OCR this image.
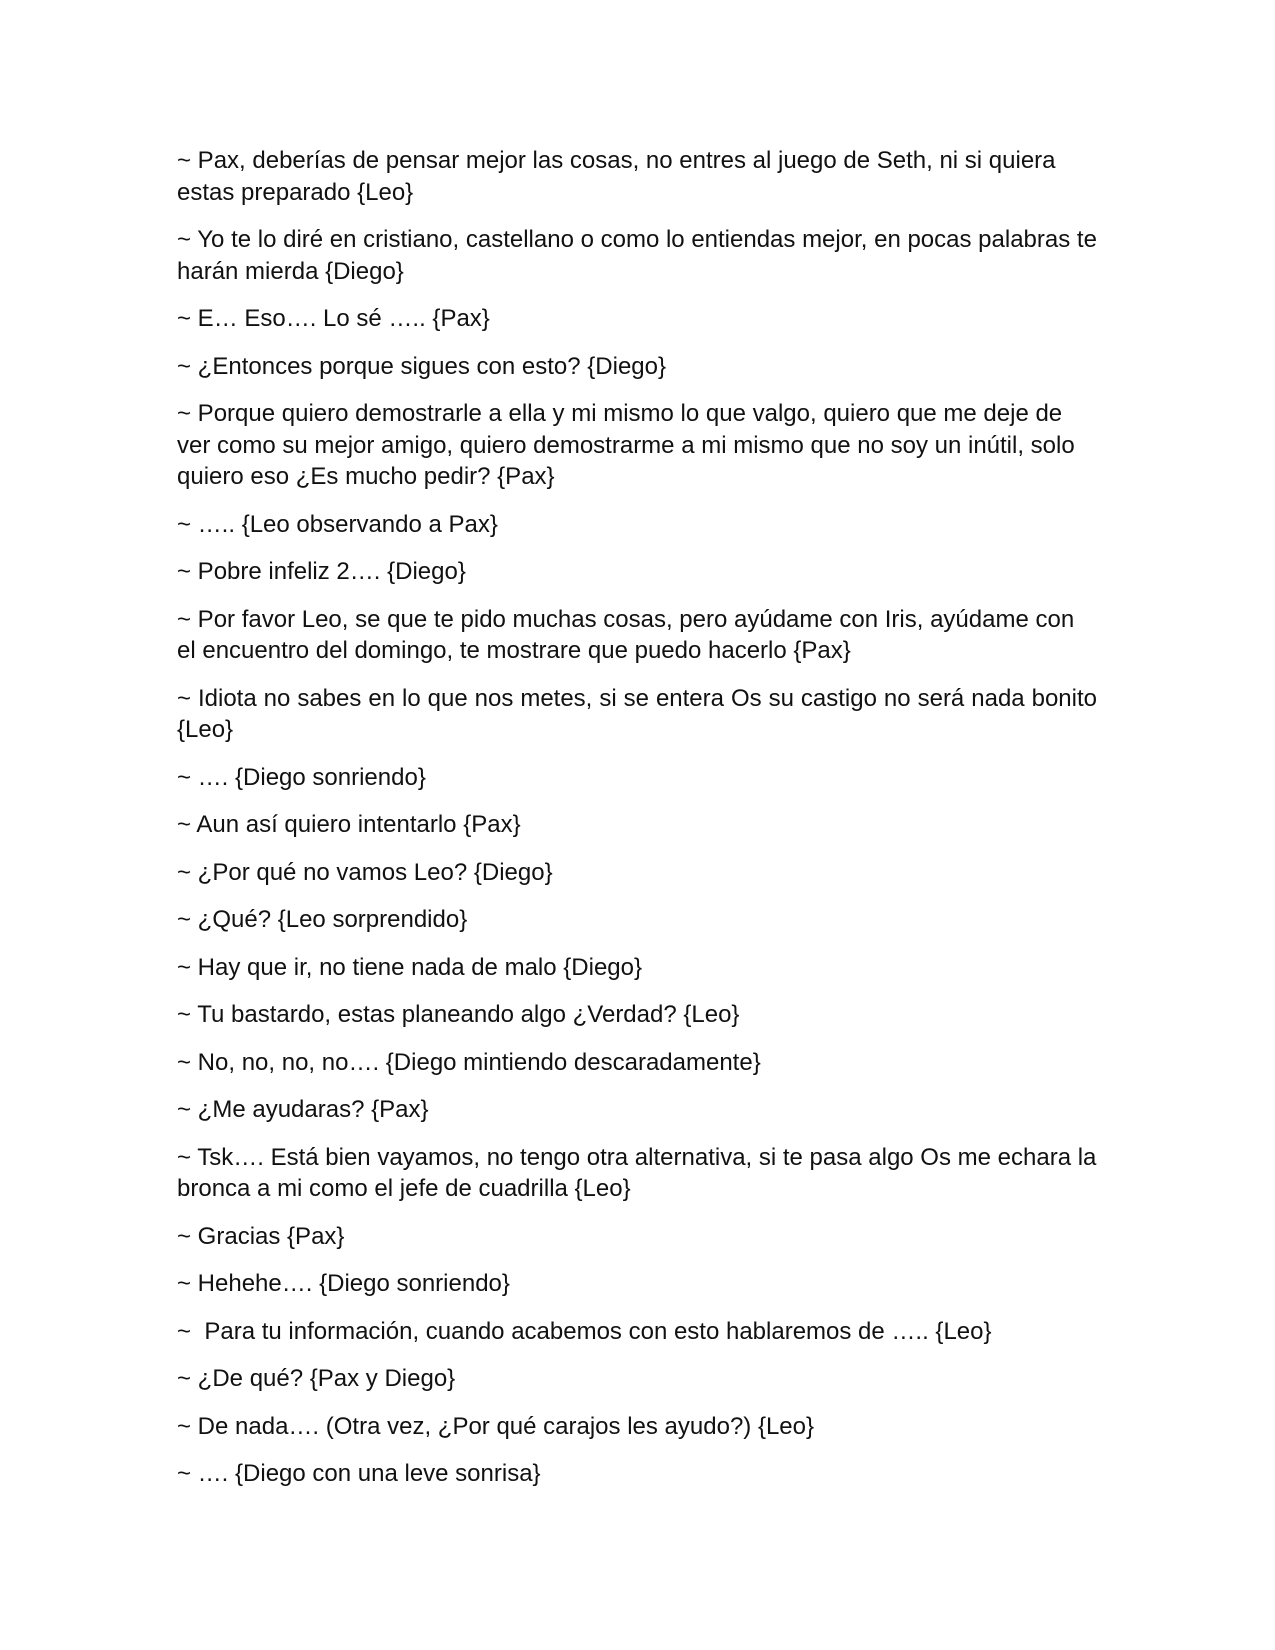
~ Pax, deberías de pensar mejor las cosas, no entres al juego de Seth, ni si quiera estas preparado {Leo}

~ Yo te lo diré en cristiano, castellano o como lo entiendas mejor, en pocas palabras te harán mierda {Diego}

~ E… Eso…. Lo sé ….. {Pax}

~ ¿Entonces porque sigues con esto? {Diego}

~ Porque quiero demostrarle a ella y mi mismo lo que valgo, quiero que me deje de ver como su mejor amigo, quiero demostrarme a mi mismo que no soy un inútil, solo quiero eso ¿Es mucho pedir? {Pax}

~ ….. {Leo observando a Pax}

~ Pobre infeliz 2…. {Diego}

~ Por favor Leo, se que te pido muchas cosas, pero ayúdame con Iris, ayúdame con el encuentro del domingo, te mostrare que puedo hacerlo {Pax}

~ Idiota no sabes en lo que nos metes, si se entera Os su castigo no será nada bonito {Leo}

~ …. {Diego sonriendo}

~ Aun así quiero intentarlo {Pax}

~ ¿Por qué no vamos Leo? {Diego}

~ ¿Qué? {Leo sorprendido}

~ Hay que ir, no tiene nada de malo {Diego}

~ Tu bastardo, estas planeando algo ¿Verdad? {Leo}

~ No, no, no, no…. {Diego mintiendo descaradamente}

~ ¿Me ayudaras? {Pax}

~ Tsk…. Está bien vayamos, no tengo otra alternativa, si te pasa algo Os me echara la bronca a mi como el jefe de cuadrilla {Leo}

~ Gracias {Pax}

~ Hehehe…. {Diego sonriendo}

~  Para tu información, cuando acabemos con esto hablaremos de ….. {Leo}

~ ¿De qué? {Pax y Diego}

~ De nada…. (Otra vez, ¿Por qué carajos les ayudo?) {Leo}

~ …. {Diego con una leve sonrisa}
